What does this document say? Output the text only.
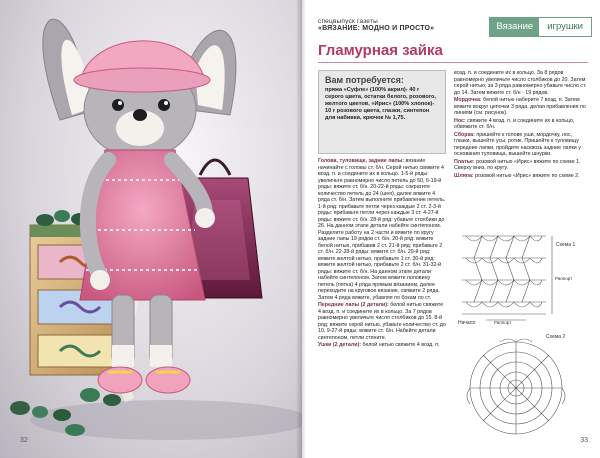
32
спецвыпуск газеты
«ВЯЗАНИЕ: МОДНО И ПРОСТО»	Вязание	игрушки
Гламурная зайка
Вам потребуется:
пряжа «Суфле» (100% акрил)- 40 г серого цвета, остатки белого, розового, желтого цветов, «Ирис» (100% хлопок)- 10 г розового цвета, глазки, синтепон для набивки, крючок № 1,75.

Голова, туловище, задние лапы: вязание начинайте с головы ст. б/н. Серой нитью свяжите 4 возд. п. и соедините их в кольцо. 1-5-й ряды: увеличьте равномерно число петель до 50, 6-19-й ряды: вяжите ст. б/н. 20-22-й ряды: сократите количество петель до 24 (шея), далее вяжите 4 ряда ст. б/н. Затем выполните прибавление петель. 1-й ряд: прибавьте петли через каждые 2 ст. 2-3-й ряды: прибавьте петли через каждые 3 ст. 4-27-й ряды: вяжите ст. б/н. 28-й ряд: убавьте столбики до 26. На данном этапе детали набейте синтепоном. Разделите работу на 2 части и вяжите по кругу задние лапы 19 рядов ст. б/н. 20-й ряд: вяжите белой нитью, прибавив 2 ст. 21-й ряд: прибавьте 2 ст. б/н. 22-28-й ряды: вяжите ст. б/н. 29-й ряд: вяжите желтой нитью, прибавьте 1 ст. 30-й ряд: вяжите желтой нитью, прибавьте 2 ст. б/н. 31-32-й ряды: вяжите ст. б/н. На данном этапе детали набейте синтепоном. Затем вяжите половину петель (пятка) 4 ряда прямым вязанием, далее переходите на круговое вязание, свяжите 2 ряда. Затем 4 ряда вяжите, убавляя по бокам по ст.

Передние лапы (2 детали): белой нитью свяжите 4 возд. п. и соедините их в кольцо. За 7 рядов равномерно увеличьте число столбиков до 15. 8-й ряд: вяжите серой нитью, убавьте количество ст. до 10. 9-27-й ряды: вяжите ст. б/н. Набейте детали синтепоном, петли стяните.

Ушки (2 детали): белой нитью свяжите 4 возд. п.

возд. п. и соедините их в кольцо. За 8 рядов равномерно увеличьте число столбиков до 20. Затем серой нитью, за 3 ряда равномерно убавьте число ст. до 14. Затем вяжите ст. б/н - 19 рядов.

Мордочка: белой нитью наберите 7 возд. п. Затем вяжите вокруг цепочки 3 ряда, делая прибавления по линиям (см. рисунок).

Нос: свяжите 4 возд. п. и соедините их в кольцо, обвяжите ст. б/н.

Сборка: пришейте к голове уши, мордочку, нос, глазки, вышейте усы, ротик. Пришейте к туловищу передние лапки, пройдите насквозь задние лапки у основания туловища, вышейте шнурки.

Платье: розовой нитью «Ирис» вяжите по схеме 1. Сверху вниз, по кругу.

Шляпа: розовой нитью «Ирис» вяжите по схеме 2.

Схема 1
Раппорт
Раппорт
Начало
Схема 2
33
